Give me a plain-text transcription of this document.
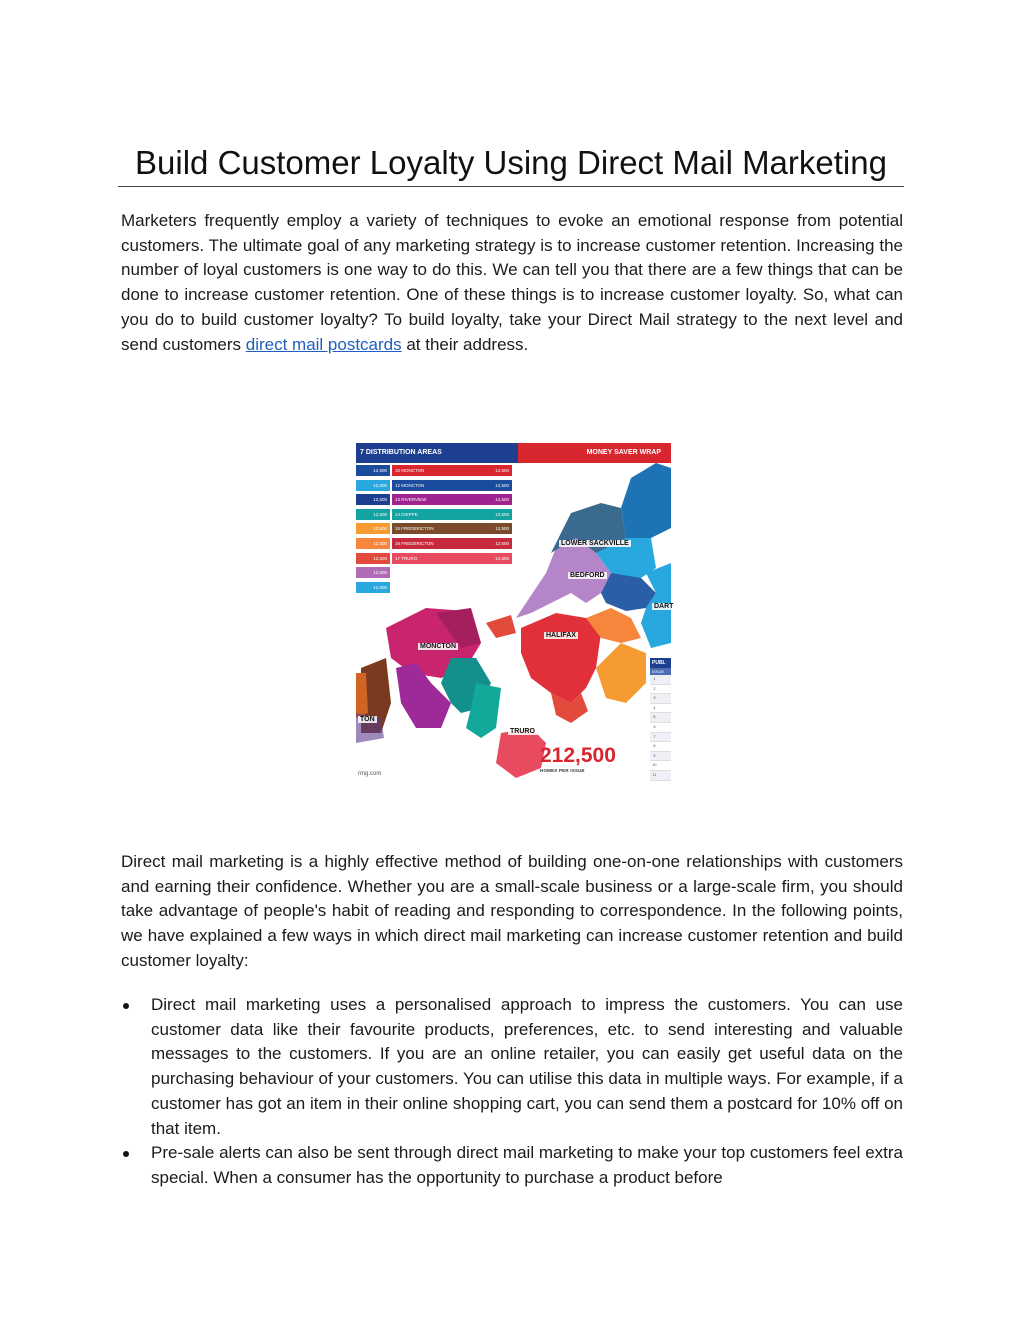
Build Customer Loyalty Using Direct Mail Marketing

Marketers frequently employ a variety of techniques to evoke an emotional response from potential customers. The ultimate goal of any marketing strategy is to increase customer retention. Increasing the number of loyal customers is one way to do this. We can tell you that there are a few things that can be done to increase customer retention. One of these things is to increase customer loyalty. So, what can you do to build customer loyalty? To build loyalty, take your Direct Mail strategy to the next level and send customers direct mail postcards at their address.

7 DISTRIBUTION AREAS	MONEY SAVER WRAP
12,500	10 MONCTON	12,500
12,500	12 MONCTON	12,500
12,500	13 RIVERVIEW	12,500
12,500	14 DIEPPE	12,500
12,500	15 FREDERICTON	12,500
12,500	16 FREDERICTON	12,500
12,500	17 TRURO	12,500
12,500
12,500
LOWER SACKVILLE
BEDFORD
HALIFAX
MONCTON
TRURO
DART
TON
PUBL
ISSUE
1
2
3
4
5
6
7
8
9
10
11
212,500
HOMES PER ISSUE
rmg.com

Direct mail marketing is a highly effective method of building one-on-one relationships with customers and earning their confidence. Whether you are a small-scale business or a large-scale firm, you should take advantage of people's habit of reading and responding to correspondence. In the following points, we have explained a few ways in which direct mail marketing can increase customer retention and build customer loyalty:

Direct mail marketing uses a personalised approach to impress the customers. You can use customer data like their favourite products, preferences, etc. to send interesting and valuable messages to the customers. If you are an online retailer, you can easily get useful data on the purchasing behaviour of your customers. You can utilise this data in multiple ways. For example, if a customer has got an item in their online shopping cart, you can send them a postcard for 10% off on that item.
Pre-sale alerts can also be sent through direct mail marketing to make your top customers feel extra special. When a consumer has the opportunity to purchase a product before
